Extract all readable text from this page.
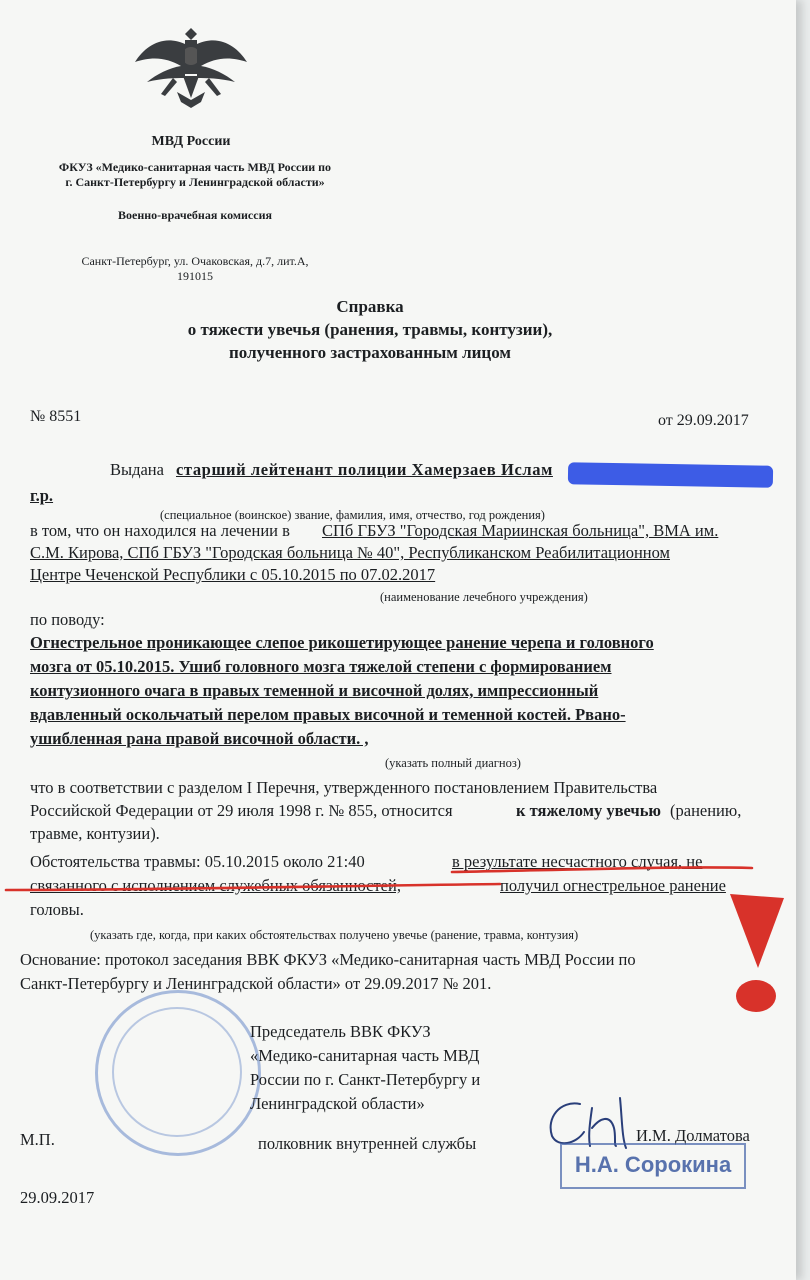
МВД России
ФКУЗ «Медико-санитарная часть МВД России по
г. Санкт-Петербургу и Ленинградской области»
Военно-врачебная комиссия
Санкт-Петербург, ул. Очаковская, д.7, лит.А,
191015
Справка
о тяжести увечья (ранения, травмы, контузии),
полученного застрахованным лицом
№ 8551	от 29.09.2017
Выдана старший лейтенант полиции Хамерзаев Ислам
г.р.
(специальное (воинское) звание, фамилия, имя, отчество, год рождения)
в том, что он находился на лечении в СПб ГБУЗ "Городская Мариинская больница", ВМА им.
С.М. Кирова, СПб ГБУЗ "Городская больница № 40", Республиканском Реабилитационном
Центре Чеченской Республики с 05.10.2015 по 07.02.2017
(наименование лечебного учреждения)
по поводу:
Огнестрельное проникающее слепое рикошетирующее ранение черепа и головного
мозга от 05.10.2015. Ушиб головного мозга тяжелой степени с формированием
контузионного очага в правых теменной и височной долях, импрессионный
вдавленный оскольчатый перелом правых височной и теменной костей. Рвано-
ушибленная рана правой височной области. ,
(указать полный диагноз)
что в соответствии с разделом I Перечня, утвержденного постановлением Правительства
Российской Федерации от 29 июля 1998 г. № 855, относится	к тяжелому увечью (ранению,
травме, контузии).
Обстоятельства травмы: 05.10.2015 около 21:40	в результате несчастного случая, не
связанного с исполнением служебных обязанностей,	получил огнестрельное ранение
головы.
(указать где, когда, при каких обстоятельствах получено увечье (ранение, травма, контузия)
Основание: протокол заседания ВВК ФКУЗ «Медико-санитарная часть МВД России по
Санкт-Петербургу и Ленинградской области» от 29.09.2017 № 201.
Председатель ВВК ФКУЗ
«Медико-санитарная часть МВД
России по г. Санкт-Петербургу и
Ленинградской области»
М.П.	полковник внутренней службы	И.М. Долматова
Н.А. Сорокина
29.09.2017
